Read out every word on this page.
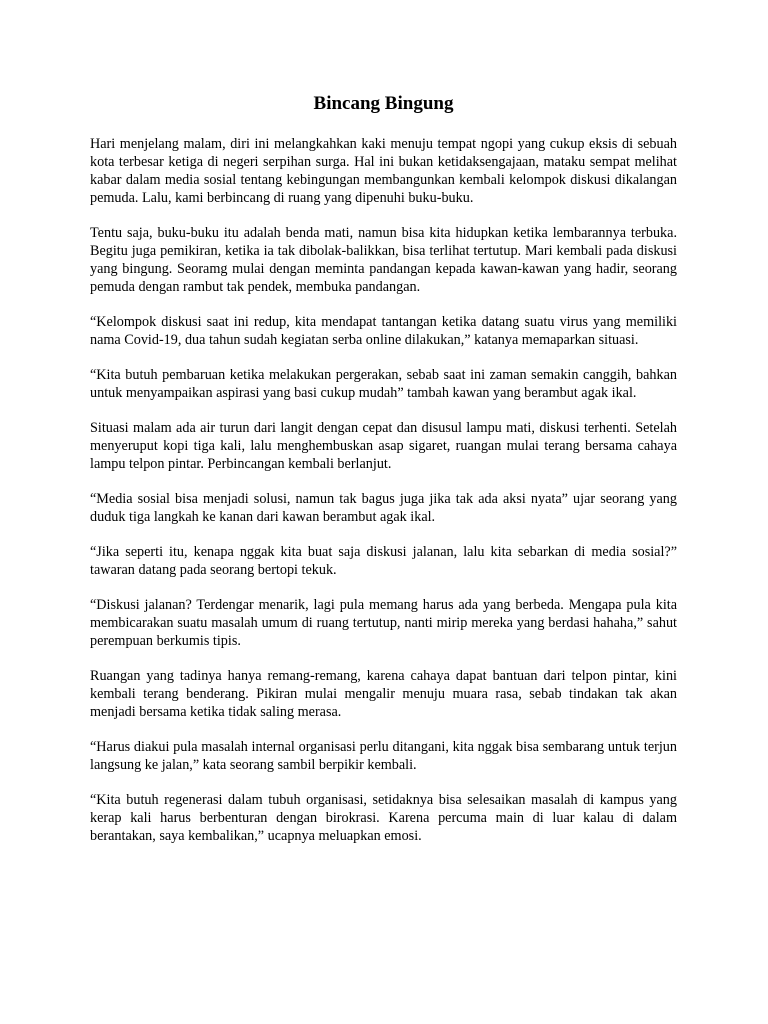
Bincang Bingung

Hari menjelang malam, diri ini melangkahkan kaki menuju tempat ngopi yang cukup eksis di sebuah kota terbesar ketiga di negeri serpihan surga. Hal ini bukan ketidaksengajaan, mataku sempat melihat kabar dalam media sosial tentang kebingungan membangunkan kembali kelompok diskusi dikalangan pemuda. Lalu, kami berbincang di ruang yang dipenuhi buku-buku.

Tentu saja, buku-buku itu adalah benda mati, namun bisa kita hidupkan ketika lembarannya terbuka. Begitu juga pemikiran, ketika ia tak dibolak-balikkan, bisa terlihat tertutup. Mari kembali pada diskusi yang bingung. Seoramg mulai dengan meminta pandangan kepada kawan-kawan yang hadir, seorang pemuda dengan rambut tak pendek, membuka pandangan.

“Kelompok diskusi saat ini redup, kita mendapat tantangan ketika datang suatu virus yang memiliki nama Covid-19, dua tahun sudah kegiatan serba online dilakukan,” katanya memaparkan situasi.

“Kita butuh pembaruan ketika melakukan pergerakan, sebab saat ini zaman semakin canggih, bahkan untuk menyampaikan aspirasi yang basi cukup mudah” tambah kawan yang berambut agak ikal.

Situasi malam ada air turun dari langit dengan cepat dan disusul lampu mati, diskusi terhenti. Setelah menyeruput kopi tiga kali, lalu menghembuskan asap sigaret, ruangan mulai terang bersama cahaya lampu telpon pintar. Perbincangan kembali berlanjut.

“Media sosial bisa menjadi solusi, namun tak bagus juga jika tak ada aksi nyata” ujar seorang yang duduk tiga langkah ke kanan dari kawan berambut agak ikal.

“Jika seperti itu, kenapa nggak kita buat saja diskusi jalanan, lalu kita sebarkan di media sosial?” tawaran datang pada seorang bertopi tekuk.

“Diskusi jalanan? Terdengar menarik, lagi pula memang harus ada yang berbeda. Mengapa pula kita membicarakan suatu masalah umum di ruang tertutup, nanti mirip mereka yang berdasi hahaha,” sahut perempuan berkumis tipis.

Ruangan yang tadinya hanya remang-remang, karena cahaya dapat bantuan dari telpon pintar, kini kembali terang benderang. Pikiran mulai mengalir menuju muara rasa, sebab tindakan tak akan menjadi bersama ketika tidak saling merasa.

“Harus diakui pula masalah internal organisasi perlu ditangani, kita nggak bisa sembarang untuk terjun langsung ke jalan,” kata seorang sambil berpikir kembali.

“Kita butuh regenerasi dalam tubuh organisasi, setidaknya bisa selesaikan masalah di kampus yang kerap kali harus berbenturan dengan birokrasi. Karena percuma main di luar kalau di dalam berantakan, saya kembalikan,” ucapnya meluapkan emosi.
